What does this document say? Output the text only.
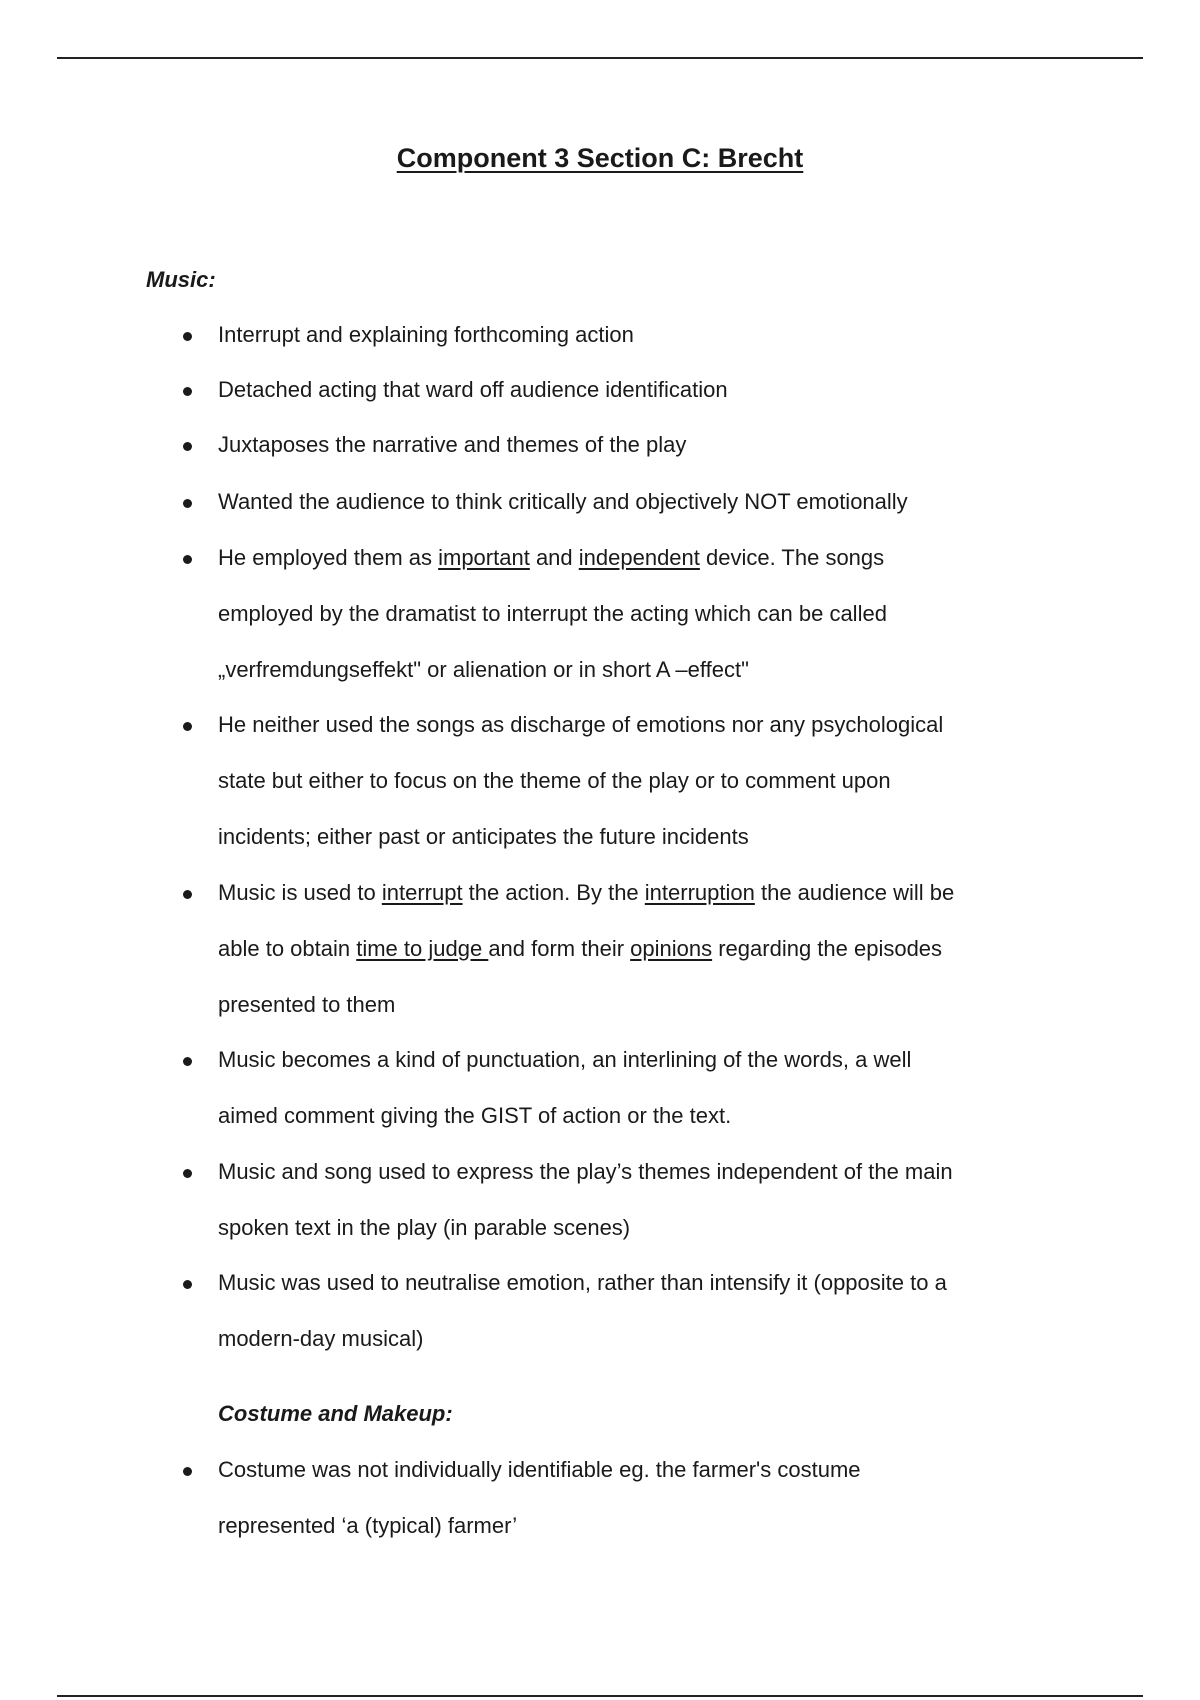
Component 3 Section C: Brecht
Music:
Interrupt and explaining forthcoming action
Detached acting that ward off audience identification
Juxtaposes the narrative and themes of the play
Wanted the audience to think critically and objectively NOT emotionally
He employed them as important and independent device. The songs employed by the dramatist to interrupt the acting which can be called „verfremdungseffekt" or alienation or in short A –effect"
He neither used the songs as discharge of emotions nor any psychological state but either to focus on the theme of the play or to comment upon incidents; either past or anticipates the future incidents
Music is used to interrupt the action. By the interruption the audience will be able to obtain time to judge and form their opinions regarding the episodes presented to them
Music becomes a kind of punctuation, an interlining of the words, a well aimed comment giving the GIST of action or the text.
Music and song used to express the play’s themes independent of the main spoken text in the play (in parable scenes)
Music was used to neutralise emotion, rather than intensify it (opposite to a modern-day musical)
Costume and Makeup:
Costume was not individually identifiable eg. the farmer's costume represented ‘a (typical) farmer’
